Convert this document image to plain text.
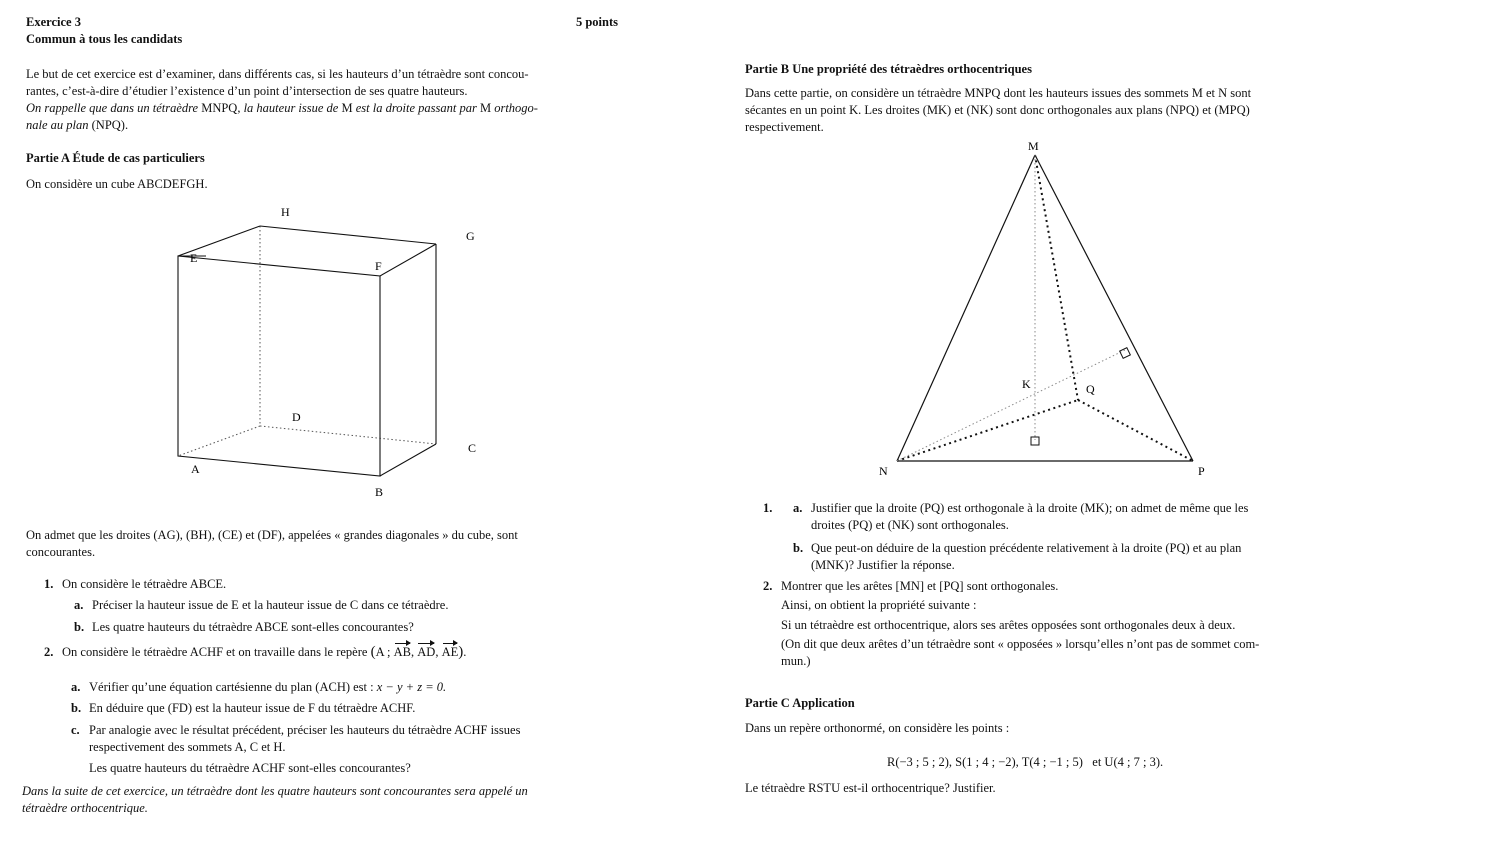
Exercice 3	5 points
Commun à tous les candidats
Le but de cet exercice est d’examiner, dans différents cas, si les hauteurs d’un tétraèdre sont concou-
rantes, c’est-à-dire d’étudier l’existence d’un point d’intersection de ses quatre hauteurs.
On rappelle que dans un tétraèdre MNPQ, la hauteur issue de M est la droite passant par M orthogo-
nale au plan (NPQ).
Partie A Étude de cas particuliers
On considère un cube ABCDEFGH.
H
G
E
F
D
C
A
B
On admet que les droites (AG), (BH), (CE) et (DF), appelées « grandes diagonales » du cube, sont
concourantes.
1. On considère le tétraèdre ABCE.
a. Préciser la hauteur issue de E et la hauteur issue de C dans ce tétraèdre.
b. Les quatre hauteurs du tétraèdre ABCE sont-elles concourantes?
2. On considère le tétraèdre ACHF et on travaille dans le repère (A ; AB, AD, AE).
a. Vérifier qu’une équation cartésienne du plan (ACH) est : x − y + z = 0.
b. En déduire que (FD) est la hauteur issue de F du tétraèdre ACHF.
c. Par analogie avec le résultat précédent, préciser les hauteurs du tétraèdre ACHF issues
respectivement des sommets A, C et H.
Les quatre hauteurs du tétraèdre ACHF sont-elles concourantes?
Dans la suite de cet exercice, un tétraèdre dont les quatre hauteurs sont concourantes sera appelé un
tétraèdre orthocentrique.
Partie B Une propriété des tétraèdres orthocentriques
Dans cette partie, on considère un tétraèdre MNPQ dont les hauteurs issues des sommets M et N sont
sécantes en un point K. Les droites (MK) et (NK) sont donc orthogonales aux plans (NPQ) et (MPQ)
respectivement.
M
N	P
Q
K
1. a. Justifier que la droite (PQ) est orthogonale à la droite (MK); on admet de même que les
droites (PQ) et (NK) sont orthogonales.
b. Que peut-on déduire de la question précédente relativement à la droite (PQ) et au plan
(MNK)? Justifier la réponse.
2. Montrer que les arêtes [MN] et [PQ] sont orthogonales.
Ainsi, on obtient la propriété suivante :
Si un tétraèdre est orthocentrique, alors ses arêtes opposées sont orthogonales deux à deux.
(On dit que deux arêtes d’un tétraèdre sont « opposées » lorsqu’elles n’ont pas de sommet com-
mun.)
Partie C Application
Dans un repère orthonormé, on considère les points :
R(−3 ; 5 ; 2), S(1 ; 4 ; −2), T(4 ; −1 ; 5)   et U(4 ; 7 ; 3).
Le tétraèdre RSTU est-il orthocentrique? Justifier.
